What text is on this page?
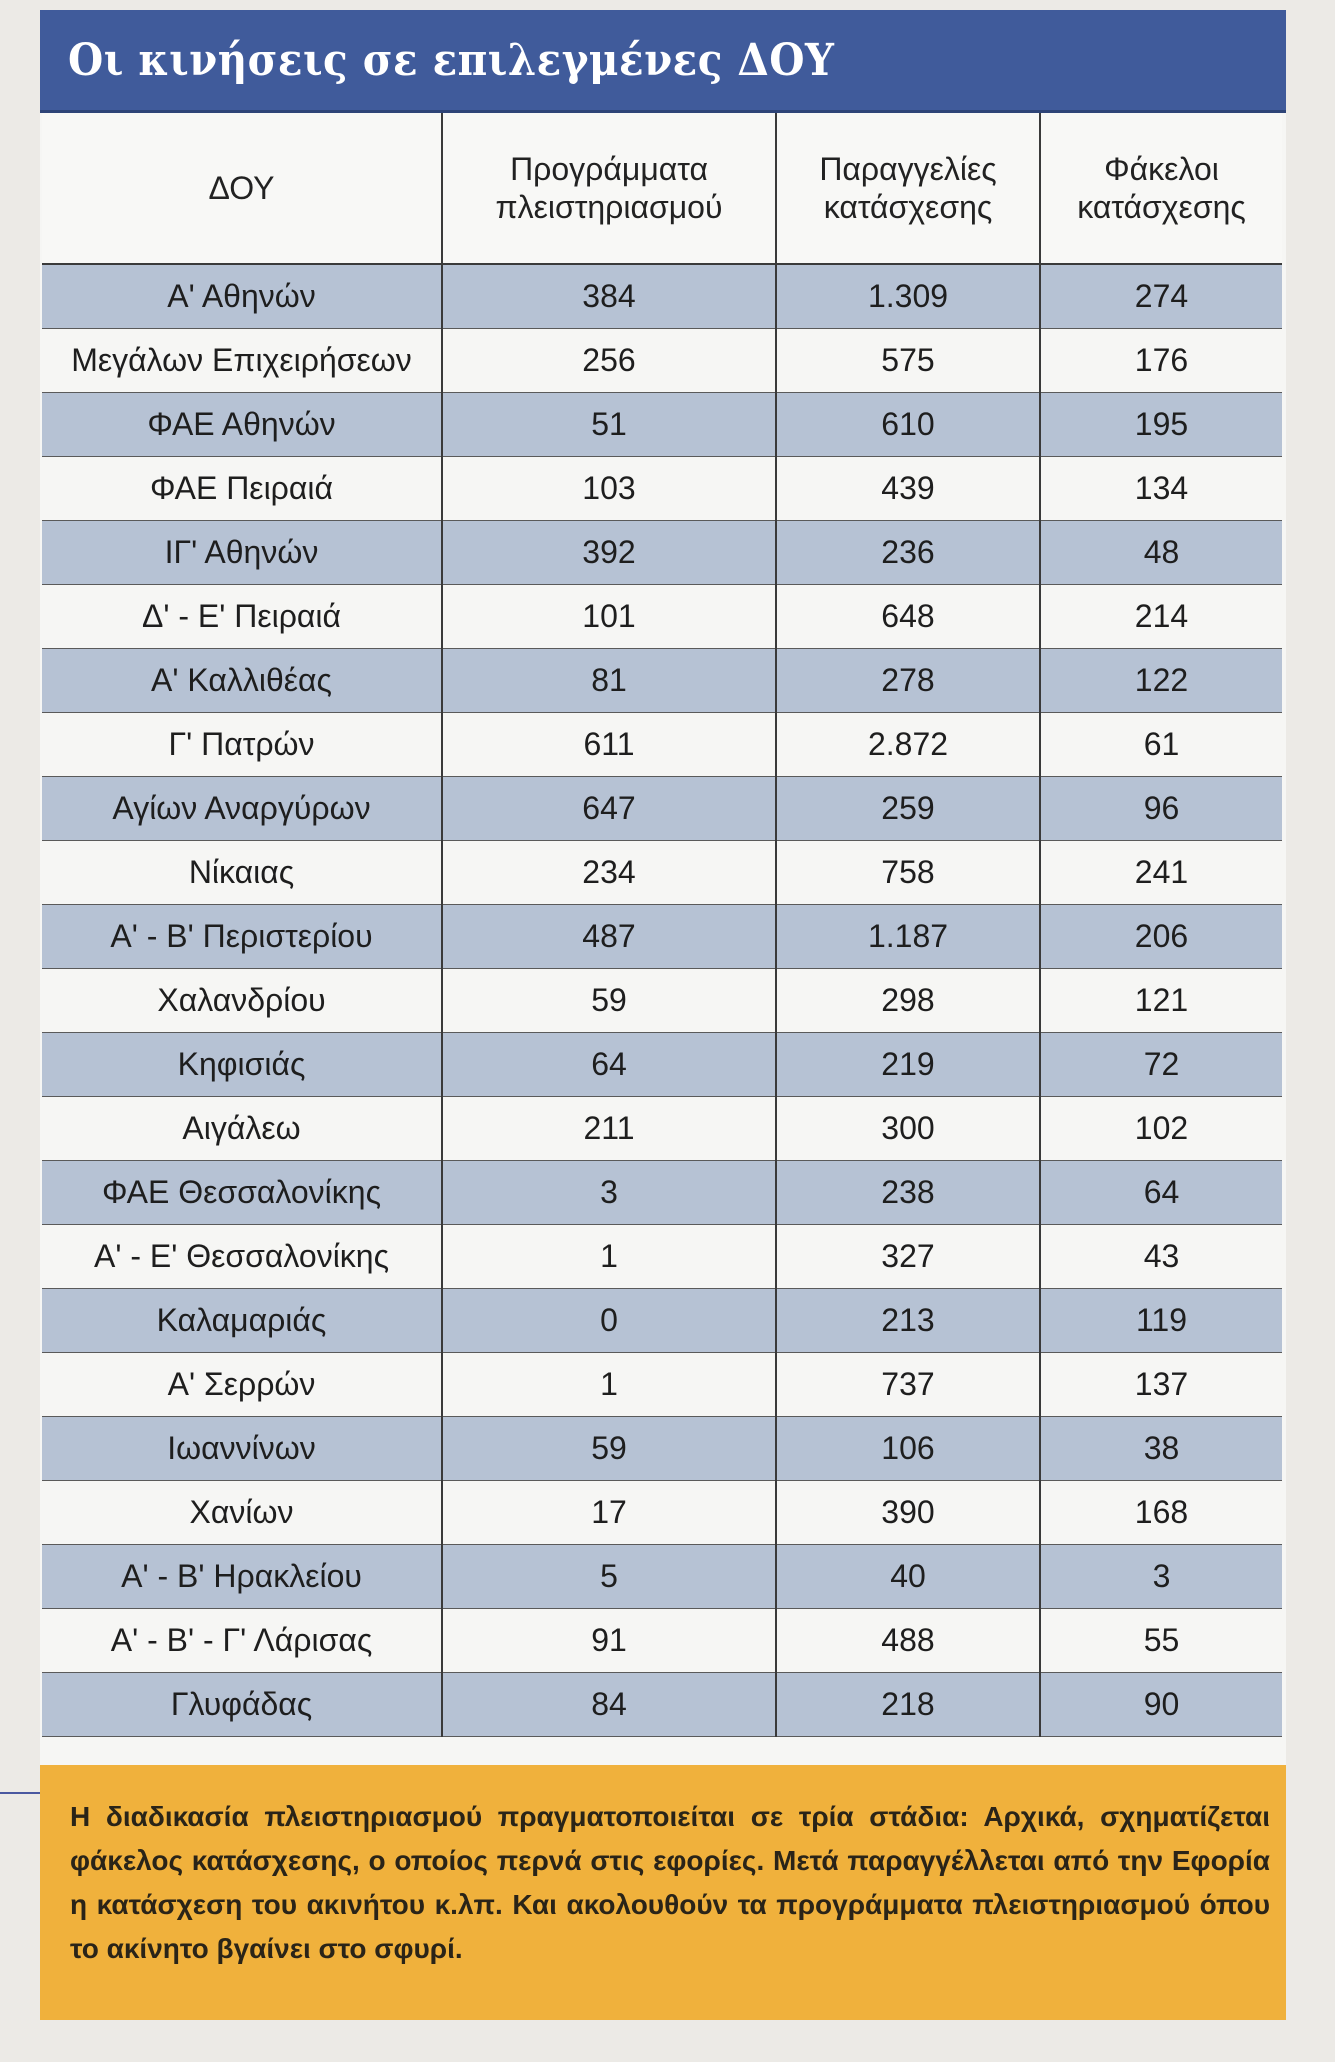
Οι κινήσεις σε επιλεγμένες ΔΟΥ
ΔΟΥ	Προγράμματα πλειστηριασμού	Παραγγελίες κατάσχεσης	Φάκελοι κατάσχεσης
Α' Αθηνών	384	1.309	274
Μεγάλων Επιχειρήσεων	256	575	176
ΦΑΕ Αθηνών	51	610	195
ΦΑΕ Πειραιά	103	439	134
ΙΓ' Αθηνών	392	236	48
Δ' - Ε' Πειραιά	101	648	214
Α' Καλλιθέας	81	278	122
Γ' Πατρών	611	2.872	61
Αγίων Αναργύρων	647	259	96
Νίκαιας	234	758	241
Α' - Β' Περιστερίου	487	1.187	206
Χαλανδρίου	59	298	121
Κηφισιάς	64	219	72
Αιγάλεω	211	300	102
ΦΑΕ Θεσσαλονίκης	3	238	64
Α' - Ε' Θεσσαλονίκης	1	327	43
Καλαμαριάς	0	213	119
Α' Σερρών	1	737	137
Ιωαννίνων	59	106	38
Χανίων	17	390	168
Α' - Β' Ηρακλείου	5	40	3
Α' - Β' - Γ' Λάρισας	91	488	55
Γλυφάδας	84	218	90

Η διαδικασία πλειστηριασμού πραγματοποιείται σε τρία στάδια: Αρχικά, σχηματίζεται φάκελος κατάσχεσης, ο οποίος περνά στις εφορίες. Μετά παραγγέλλεται από την Εφορία η κατάσχεση του ακινήτου κ.λπ. Και ακολουθούν τα προγράμματα πλειστηριασμού όπου το ακίνητο βγαίνει στο σφυρί.
